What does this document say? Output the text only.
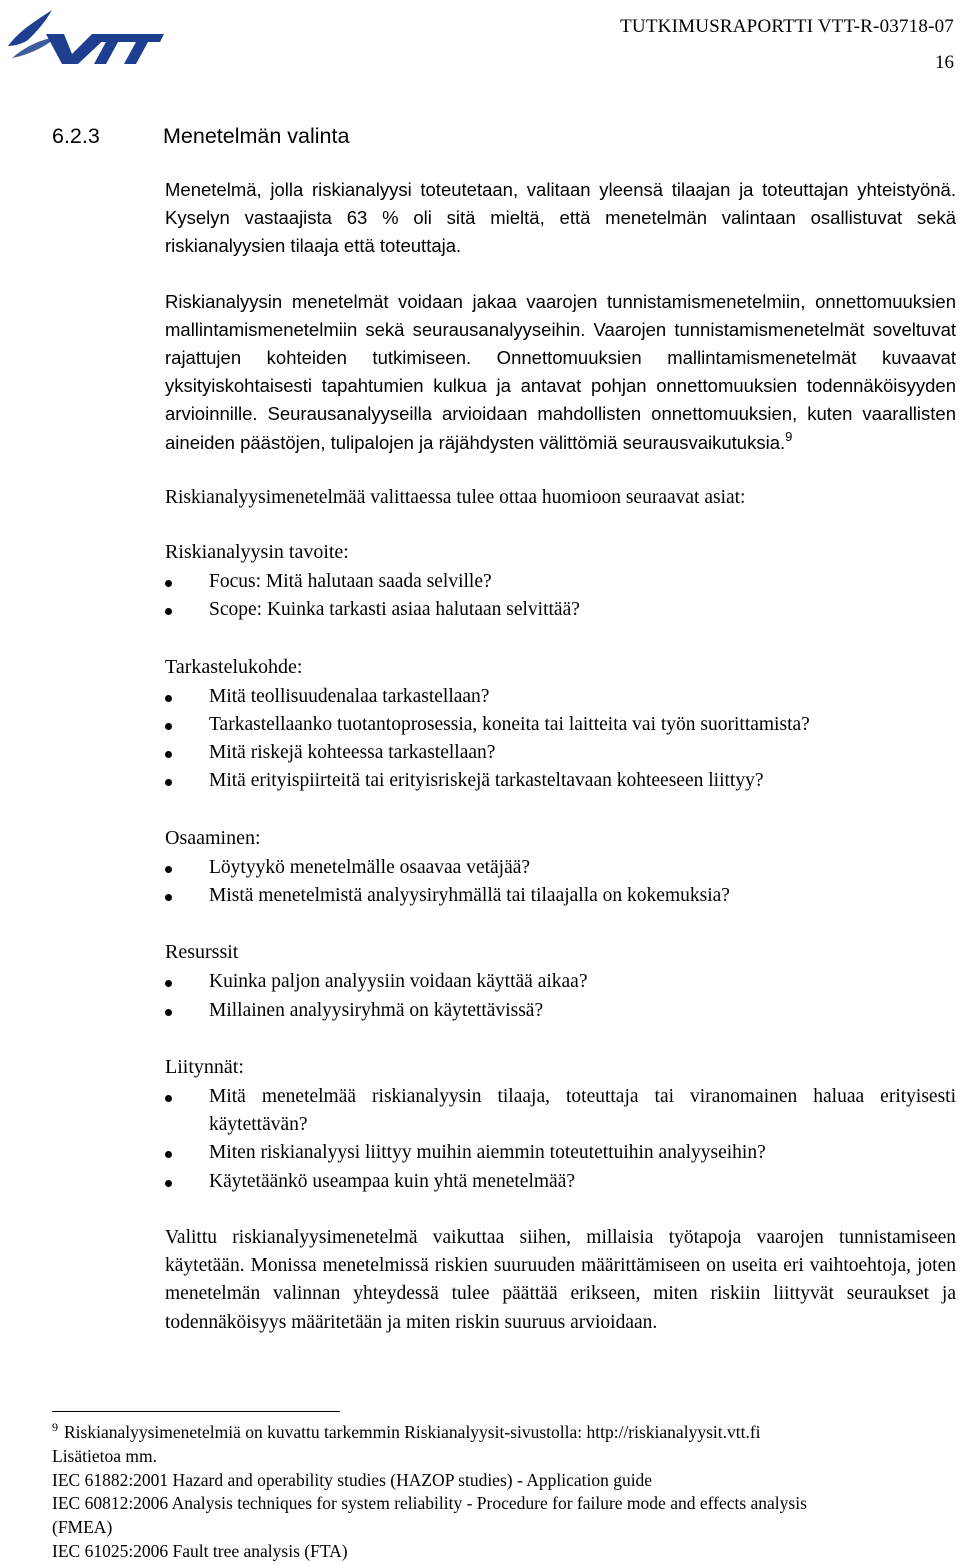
TUTKIMUSRAPORTTI VTT-R-03718-07
16
6.2.3	Menetelmän valinta

Menetelmä, jolla riskianalyysi toteutetaan, valitaan yleensä tilaajan ja toteuttajan yhteistyönä. Kyselyn vastaajista 63 % oli sitä mieltä, että menetelmän valintaan osallistuvat sekä riskianalyysien tilaaja että toteuttaja.

Riskianalyysin menetelmät voidaan jakaa vaarojen tunnistamismenetelmiin, onnettomuuksien mallintamismenetelmiin sekä seurausanalyyseihin. Vaarojen tunnistamismenetelmät soveltuvat rajattujen kohteiden tutkimiseen. Onnettomuuksien mallintamismenetelmät kuvaavat yksityiskohtaisesti tapahtumien kulkua ja antavat pohjan onnettomuuksien todennäköisyyden arvioinnille. Seurausanalyyseilla arvioidaan mahdollisten onnettomuuksien, kuten vaarallisten aineiden päästöjen, tulipalojen ja räjähdysten välittömiä seurausvaikutuksia.$^9$

Riskianalyysimenetelmää valittaessa tulee ottaa huomioon seuraavat asiat:

Riskianalyysin tavoite:
Focus: Mitä halutaan saada selville?
Scope: Kuinka tarkasti asiaa halutaan selvittää?
Tarkastelukohde:
Mitä teollisuudenalaa tarkastellaan?
Tarkastellaanko tuotantoprosessia, koneita tai laitteita vai työn suorittamista?
Mitä riskejä kohteessa tarkastellaan?
Mitä erityispiirteitä tai erityisriskejä tarkasteltavaan kohteeseen liittyy?
Osaaminen:
Löytyykö menetelmälle osaavaa vetäjää?
Mistä menetelmistä analyysiryhmällä tai tilaajalla on kokemuksia?
Resurssit
Kuinka paljon analyysiin voidaan käyttää aikaa?
Millainen analyysiryhmä on käytettävissä?
Liitynnät:
Mitä menetelmää riskianalyysin tilaaja, toteuttaja tai viranomainen haluaa erityisesti käytettävän?
Miten riskianalyysi liittyy muihin aiemmin toteutettuihin analyyseihin?
Käytetäänkö useampaa kuin yhtä menetelmää?

Valittu riskianalyysimenetelmä vaikuttaa siihen, millaisia työtapoja vaarojen tunnistamiseen käytetään. Monissa menetelmissä riskien suuruuden määrittämiseen on useita eri vaihtoehtoja, joten menetelmän valinnan yhteydessä tulee päättää erikseen, miten riskiin liittyvät seuraukset ja todennäköisyys määritetään ja miten riskin suuruus arvioidaan.

$^9$ Riskianalyysimenetelmiä on kuvattu tarkemmin Riskianalyysit-sivustolla: http://riskianalyysit.vtt.fi
Lisätietoa mm.
IEC 61882:2001 Hazard and operability studies (HAZOP studies) - Application guide
IEC 60812:2006 Analysis techniques for system reliability - Procedure for failure mode and effects analysis
(FMEA)
IEC 61025:2006 Fault tree analysis (FTA)
